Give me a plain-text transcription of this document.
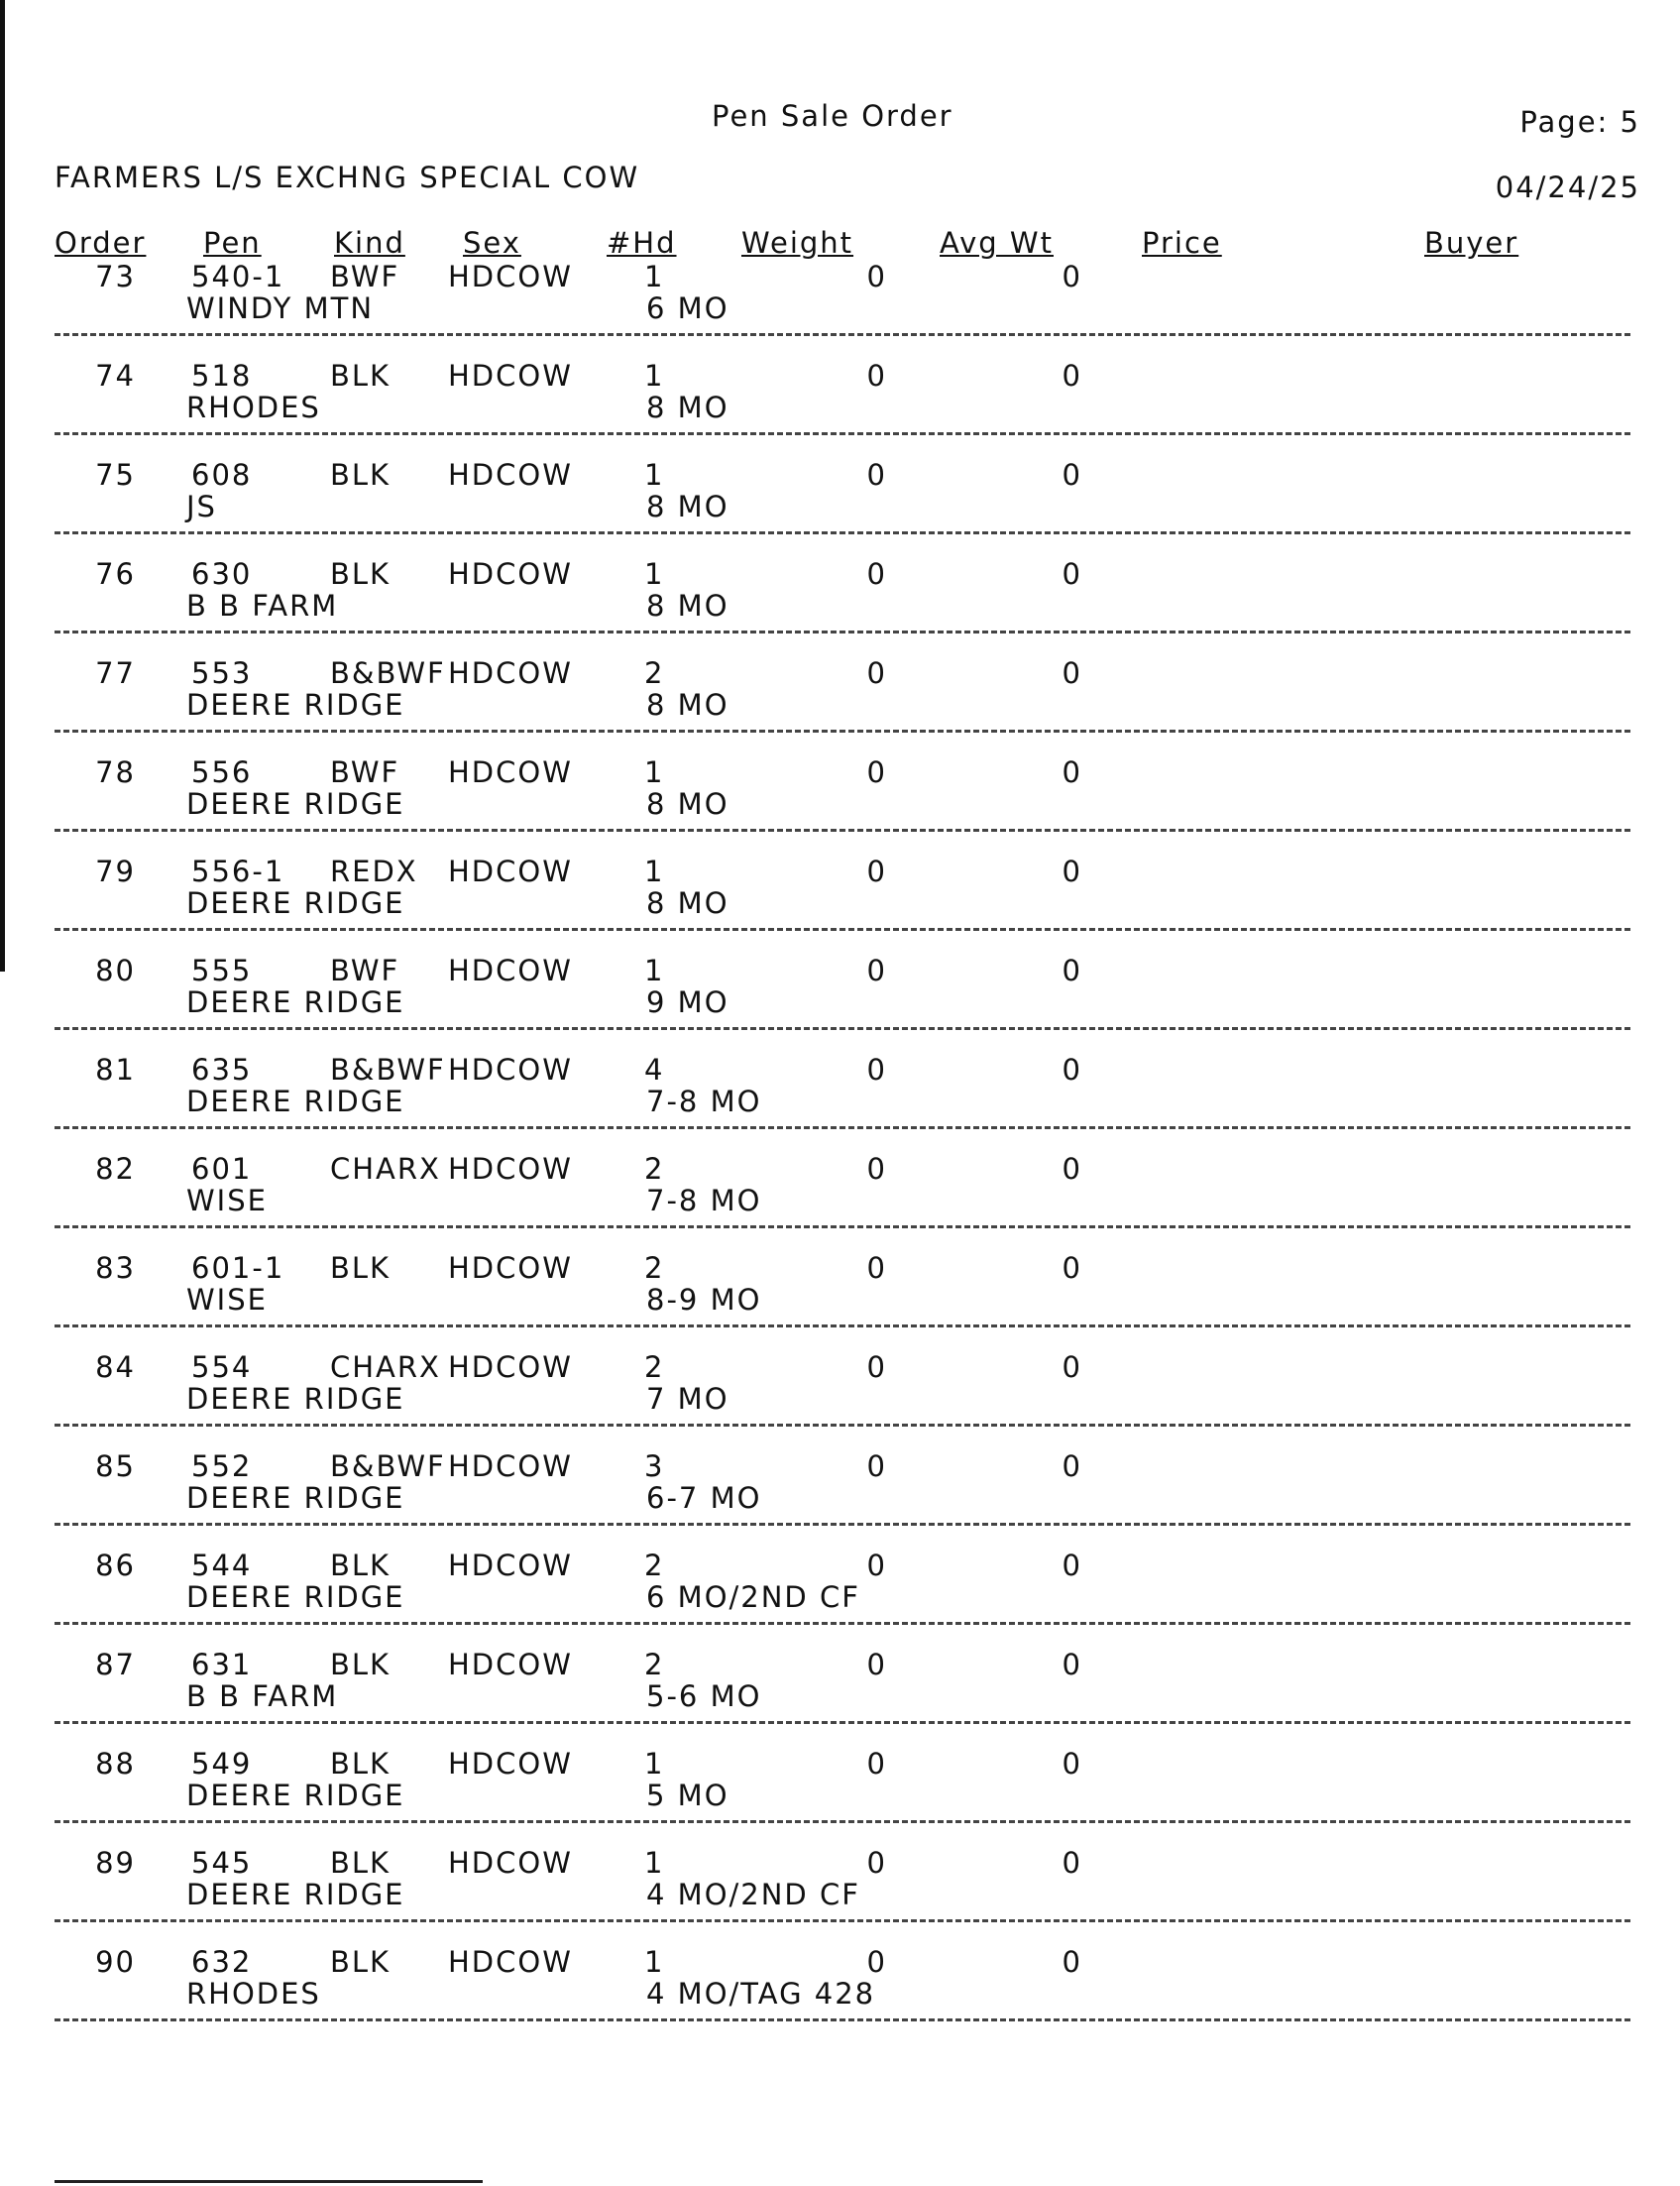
Pen Sale Order	Page: 5
FARMERS L/S EXCHNG SPECIAL COW	04/24/25
Order Pen	Kind Sex	#Hd Weight	Avg Wt	Price	Buyer
73 540-1 BWF HDCOW 1	0	0
WINDY MTN	6 MO
74 518	BLK HDCOW 1	0	0
RHODES	8 MO
75 608	BLK HDCOW 1	0	0
JS	8 MO
76 630	BLK HDCOW 1	0	0
B B FARM	8 MO
77 553	B&BWF HDCOW 2	0	0
DEERE RIDGE	8 MO
78 556	BWF HDCOW 1	0	0
DEERE RIDGE	8 MO
79 556-1 REDX HDCOW 1	0	0
DEERE RIDGE	8 MO
80 555	BWF HDCOW 1	0	0
DEERE RIDGE	9 MO
81 635	B&BWF HDCOW 4	0	0
DEERE RIDGE	7-8 MO
82 601	CHARX HDCOW 2	0	0
WISE	7-8 MO
83 601-1 BLK HDCOW 2	0	0
WISE	8-9 MO
84 554	CHARX HDCOW 2	0	0
DEERE RIDGE	7 MO
85 552	B&BWF HDCOW 3	0	0
DEERE RIDGE	6-7 MO
86 544	BLK HDCOW 2	0	0
DEERE RIDGE	6 MO/2ND CF
87 631	BLK HDCOW 2	0	0
B B FARM	5-6 MO
88 549	BLK HDCOW 1	0	0
DEERE RIDGE	5 MO
89 545	BLK HDCOW 1	0	0
DEERE RIDGE	4 MO/2ND CF
90 632	BLK HDCOW 1	0	0
RHODES	4 MO/TAG 428
